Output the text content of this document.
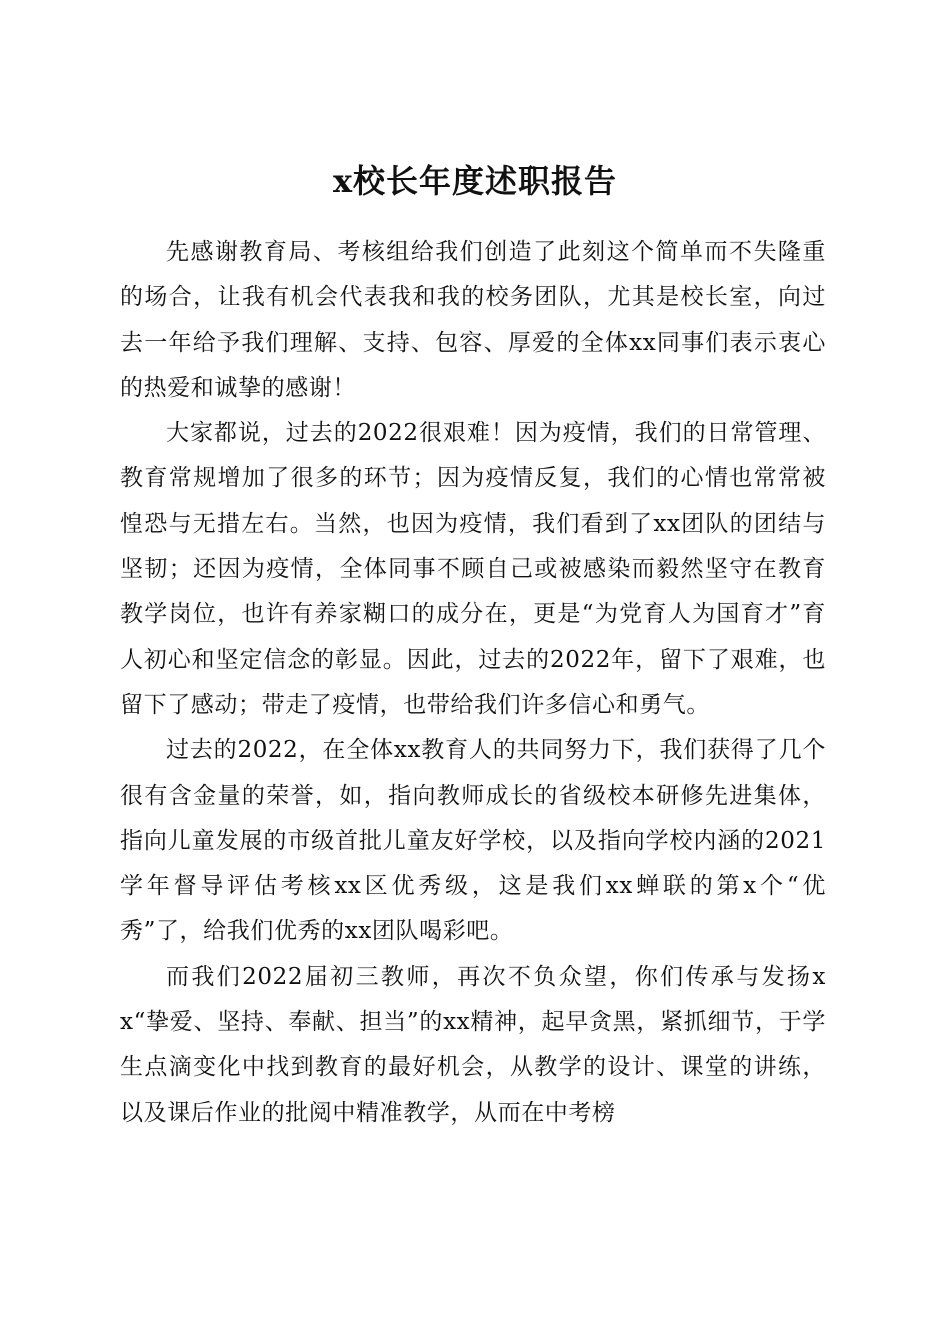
x校长年度述职报告

先感谢教育局、考核组给我们创造了此刻这个简单而不失隆重的场合，让我有机会代表我和我的校务团队，尤其是校长室，向过去一年给予我们理解、支持、包容、厚爱的全体xx同事们表示衷心的热爱和诚挚的感谢！

大家都说，过去的2022很艰难！因为疫情，我们的日常管理、教育常规增加了很多的环节；因为疫情反复，我们的心情也常常被惶恐与无措左右。当然，也因为疫情，我们看到了xx团队的团结与坚韧；还因为疫情，全体同事不顾自己或被感染而毅然坚守在教育教学岗位，也许有养家糊口的成分在，更是“为党育人为国育才”育人初心和坚定信念的彰显。因此，过去的2022年，留下了艰难，也留下了感动；带走了疫情，也带给我们许多信心和勇气。

过去的2022，在全体xx教育人的共同努力下，我们获得了几个很有含金量的荣誉，如，指向教师成长的省级校本研修先进集体，指向儿童发展的市级首批儿童友好学校，以及指向学校内涵的2021学年督导评估考核xx区优秀级，这是我们xx蝉联的第x个“优秀”了，给我们优秀的xx团队喝彩吧。

而我们2022届初三教师，再次不负众望，你们传承与发扬xx“挚爱、坚持、奉献、担当”的xx精神，起早贪黑，紧抓细节，于学生点滴变化中找到教育的最好机会，从教学的设计、课堂的讲练，以及课后作业的批阅中精准教学，从而在中考榜
